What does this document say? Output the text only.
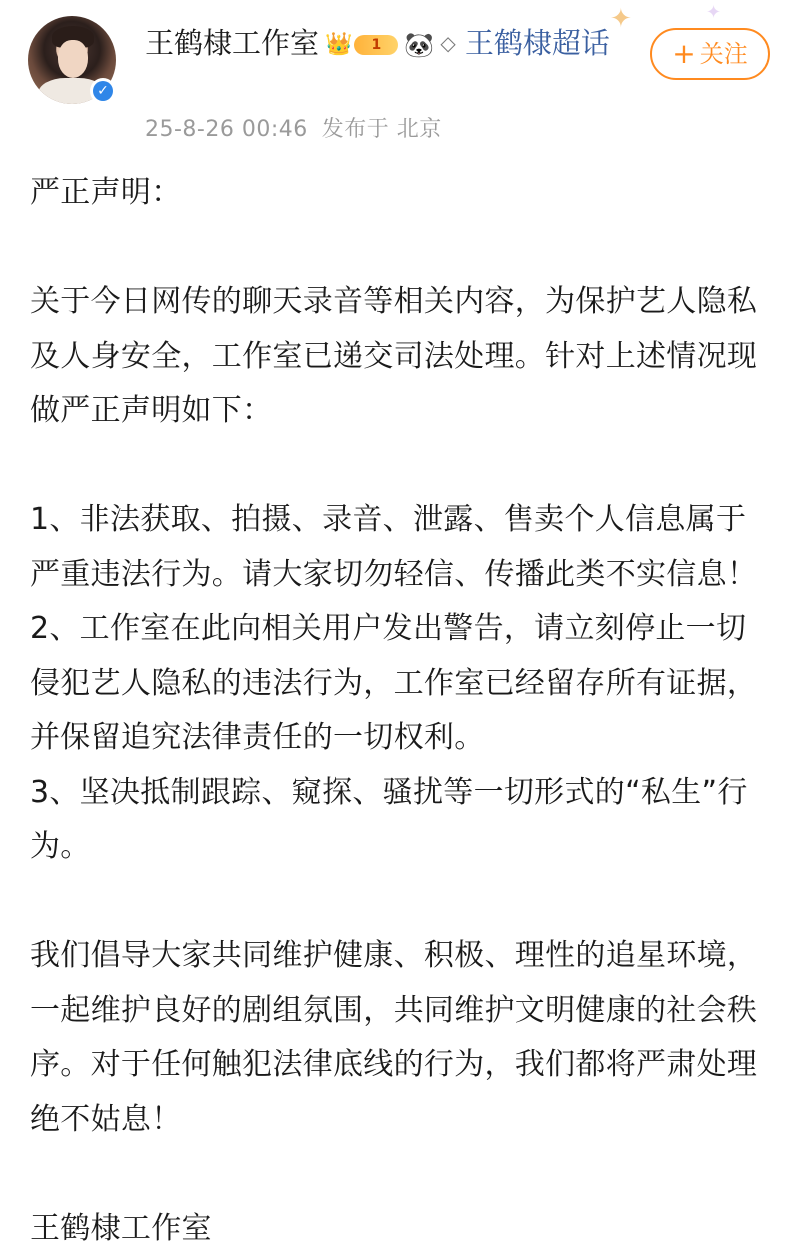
✓
王鹤棣工作室 👑 1 🐼 ◇ 王鹤棣超话
25-8-26 00:46 发布于 北京
✦	✦
+ 关注

严正声明：

关于今日网传的聊天录音等相关内容，为保护艺人隐私及人身安全，工作室已递交司法处理。针对上述情况现做严正声明如下：

1、非法获取、拍摄、录音、泄露、售卖个人信息属于严重违法行为。请大家切勿轻信、传播此类不实信息！

2、工作室在此向相关用户发出警告，请立刻停止一切侵犯艺人隐私的违法行为，工作室已经留存所有证据，并保留追究法律责任的一切权利。

3、坚决抵制跟踪、窥探、骚扰等一切形式的“私生”行为。

我们倡导大家共同维护健康、积极、理性的追星环境，一起维护良好的剧组氛围，共同维护文明健康的社会秩序。对于任何触犯法律底线的行为，我们都将严肃处理绝不姑息！

王鹤棣工作室
